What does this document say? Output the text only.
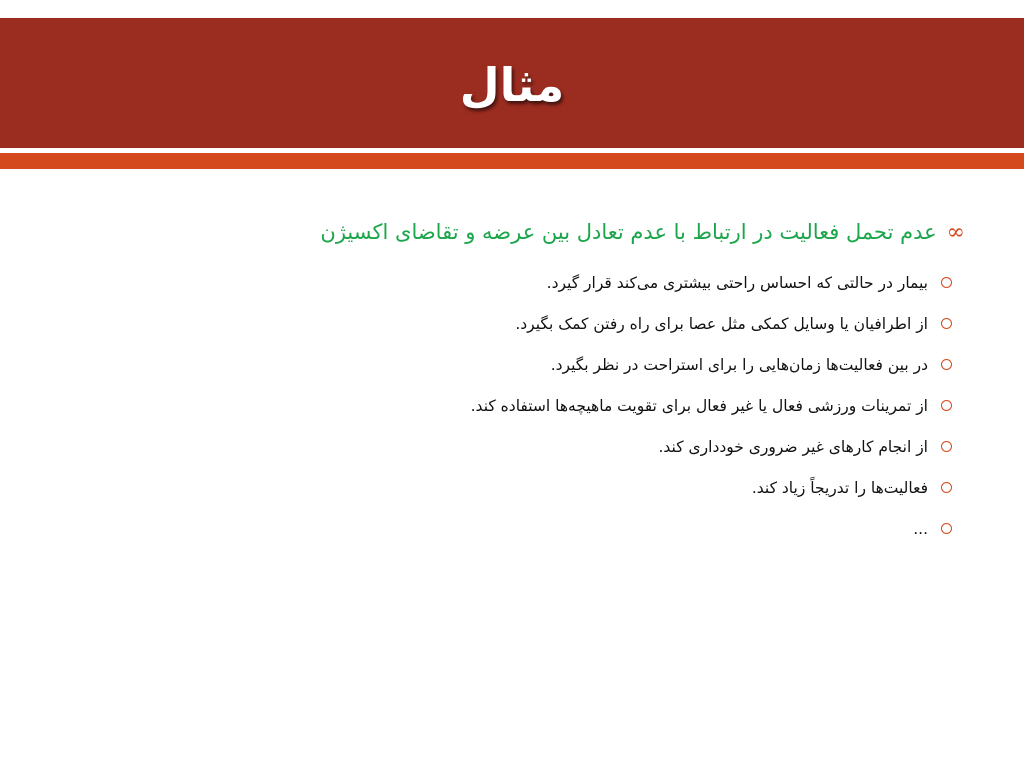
مثال
∞
عدم تحمل فعالیت در ارتباط با عدم تعادل بین عرضه و تقاضای اکسیژن
بیمار در حالتی که احساس راحتی بیشتری می‌کند قرار گیرد.
از اطرافیان یا وسایل کمکی مثل عصا برای راه رفتن کمک بگیرد.
در بین فعالیت‌ها زمان‌هایی را برای استراحت در نظر بگیرد.
از تمرینات ورزشی فعال یا غیر فعال برای تقویت ماهیچه‌ها استفاده کند.
از انجام کارهای غیر ضروری خودداری کند.
فعالیت‌ها را تدریجاً زیاد کند.
...
